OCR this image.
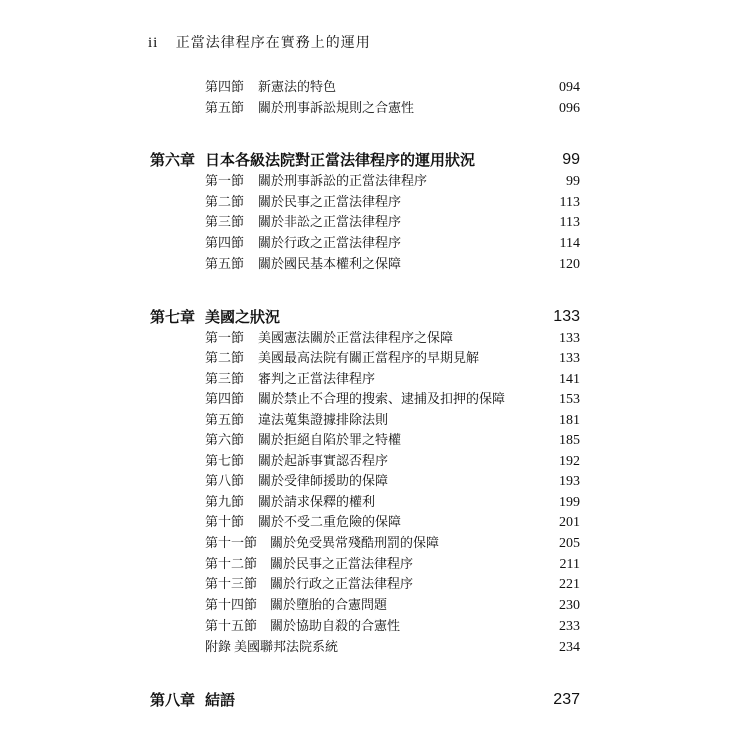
ii 正當法律程序在實務上的運用
第四節 新憲法的特色	094
第五節 關於刑事訴訟規則之合憲性	096
第六章 日本各級法院對正當法律程序的運用狀況	99
第一節 關於刑事訴訟的正當法律程序	99
第二節 關於民事之正當法律程序	113
第三節 關於非訟之正當法律程序	113
第四節 關於行政之正當法律程序	114
第五節 關於國民基本權利之保障	120
第七章 美國之狀況	133
第一節 美國憲法關於正當法律程序之保障	133
第二節 美國最高法院有關正當程序的早期見解	133
第三節 審判之正當法律程序	141
第四節 關於禁止不合理的搜索、逮捕及扣押的保障	153
第五節 違法蒐集證據排除法則	181
第六節 關於拒絕自陷於罪之特權	185
第七節 關於起訴事實認否程序	192
第八節 關於受律師援助的保障	193
第九節 關於請求保釋的權利	199
第十節 關於不受二重危險的保障	201
第十一節 關於免受異常殘酷刑罰的保障	205
第十二節 關於民事之正當法律程序	211
第十三節 關於行政之正當法律程序	221
第十四節 關於墮胎的合憲問題	230
第十五節 關於協助自殺的合憲性	233
附錄 美國聯邦法院系統	234
第八章 結語	237
